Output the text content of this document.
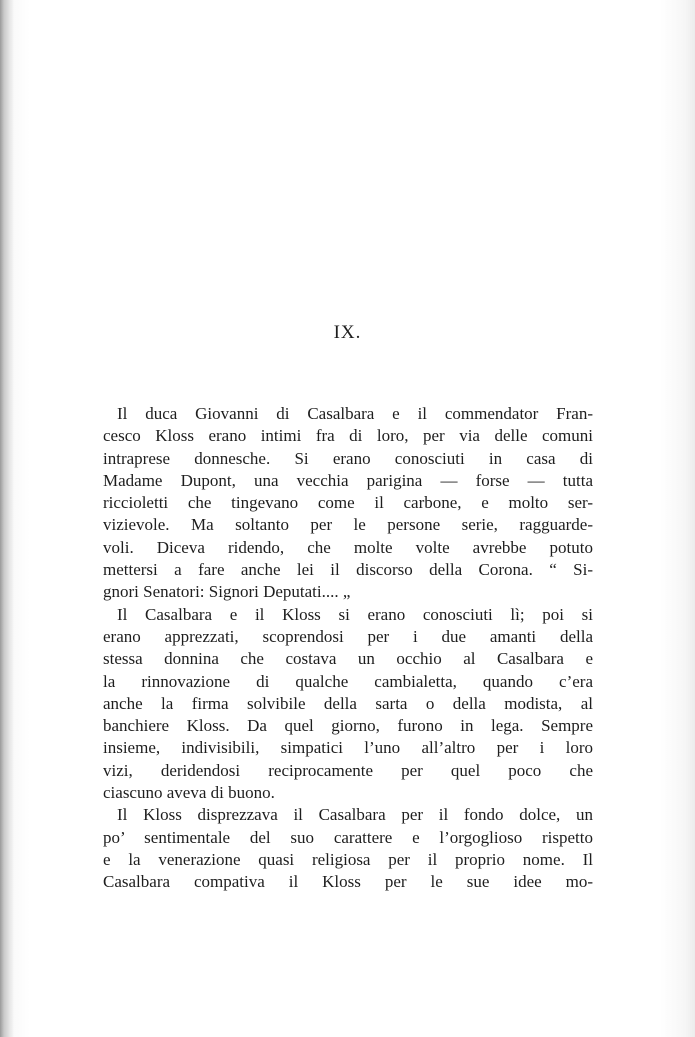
IX.
Il duca Giovanni di Casalbara e il commendator Fran-
cesco Kloss erano intimi fra di loro, per via delle comuni
intraprese donnesche. Si erano conosciuti in casa di
Madame Dupont, una vecchia parigina — forse — tutta
riccioletti che tingevano come il carbone, e molto ser-
vizievole. Ma soltanto per le persone serie, ragguarde-
voli. Diceva ridendo, che molte volte avrebbe potuto
mettersi a fare anche lei il discorso della Corona. “ Si-
gnori Senatori: Signori Deputati.... „
Il Casalbara e il Kloss si erano conosciuti lì; poi si
erano apprezzati, scoprendosi per i due amanti della
stessa donnina che costava un occhio al Casalbara e
la rinnovazione di qualche cambialetta, quando c’era
anche la firma solvibile della sarta o della modista, al
banchiere Kloss. Da quel giorno, furono in lega. Sempre
insieme, indivisibili, simpatici l’uno all’altro per i loro
vizi, deridendosi reciprocamente per quel poco che
ciascuno aveva di buono.
Il Kloss disprezzava il Casalbara per il fondo dolce, un
po’ sentimentale del suo carattere e l’orgoglioso rispetto
e la venerazione quasi religiosa per il proprio nome. Il
Casalbara compativa il Kloss per le sue idee mo-
